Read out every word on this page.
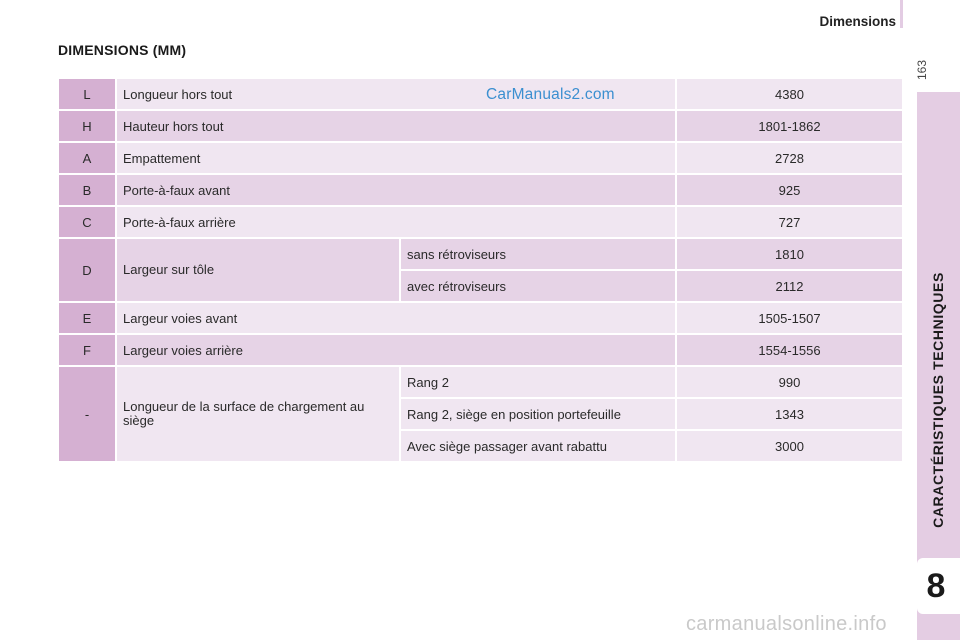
Dimensions
163
DIMENSIONS (MM)
CARACTÉRISTIQUES TECHNIQUES
8
L	Longueur hors tout		4380
H	Hauteur hors tout		1801-1862
A	Empattement		2728
B	Porte-à-faux avant		925
C	Porte-à-faux arrière		727
D	Largeur sur tôle	sans rétroviseurs	1810
		avec rétroviseurs	2112
E	Largeur voies avant		1505-1507
F	Largeur voies arrière		1554-1556
-	Longueur de la surface de chargement au siège	Rang 2	990
		Rang 2, siège en position portefeuille	1343
		Avec siège passager avant rabattu	3000
CarManuals2.com
carmanualsonline.info
